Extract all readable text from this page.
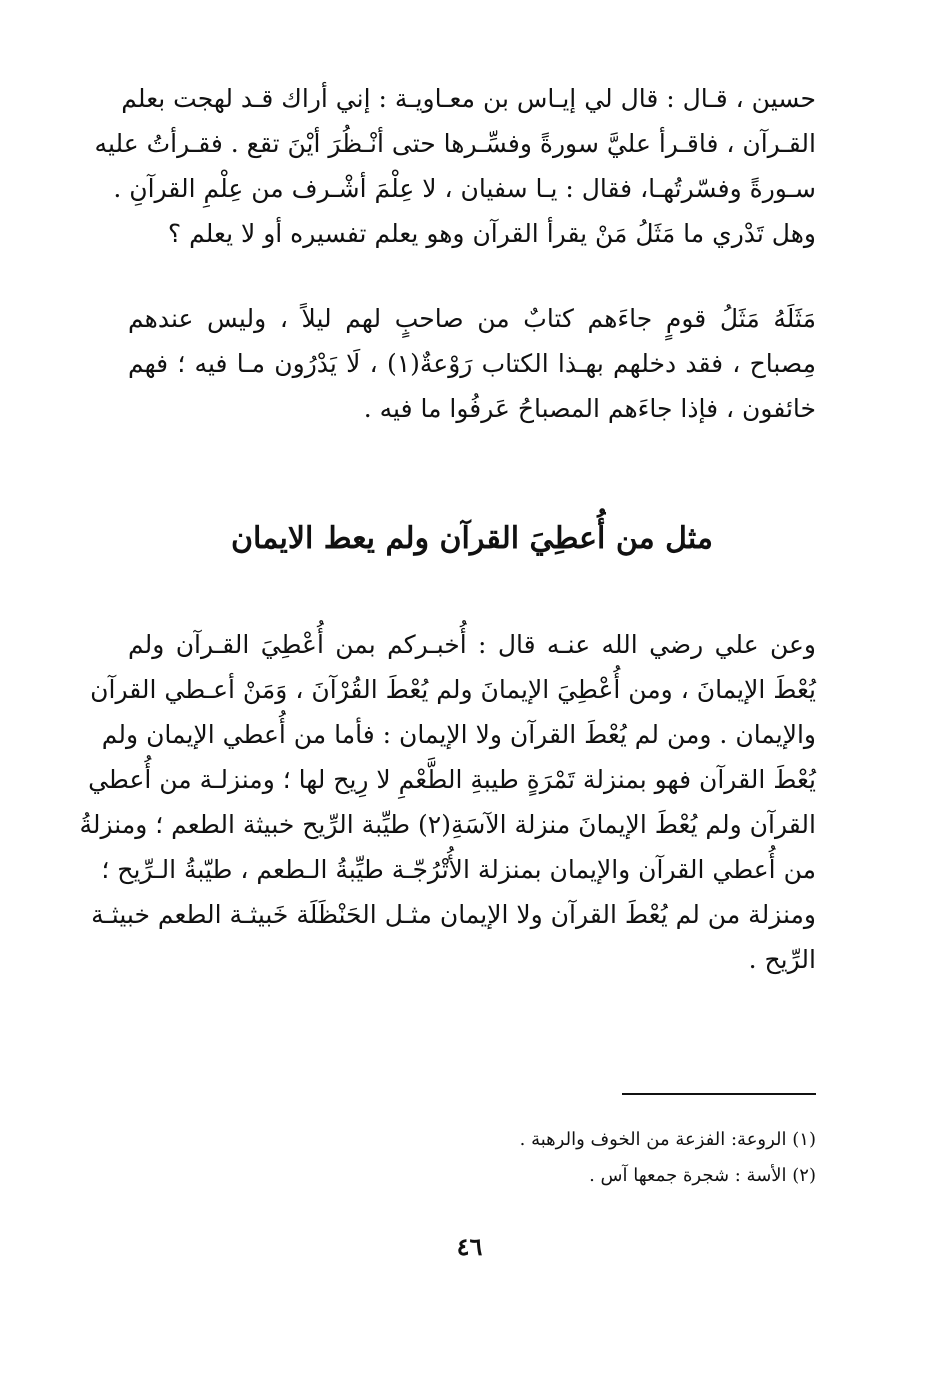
حسين ، قـال : قال لي إيـاس بن معـاويـة : إني أراك قـد لهجت بعلم
القـرآن ، فاقـرأ عليَّ سورةً وفسِّـرها حتى أنْـظُرَ أيْنَ تقع . فقـرأتُ عليه
سـورةً وفسّرتُهـا، فقال : يـا سفيان ، لا عِلْمَ أشْـرف من عِلْمِ القرآنِ .
وهل تَدْري ما مَثَلُ مَنْ يقرأ القرآن وهو يعلم تفسيره أو لا يعلم ؟
مَثَلَهُ مَثَلُ قومٍ جاءَهم كتابٌ من صاحبٍ لهم ليلاً ، وليس عندهم
مِصباح ، فقد دخلهم بهـذا الكتاب رَوْعةٌ(١) ، لَا يَدْرُون مـا فيه ؛ فهم
خائفون ، فإذا جاءَهم المصباحُ عَرفُوا ما فيه .
مثل من أُعطِيَ القرآن ولم يعط الايمان
وعن علي رضي الله عنـه قال : أُخبـركم بمن أُعْطِيَ القـرآن ولم
يُعْطَ الإيمانَ ، ومن أُعْطِيَ الإيمانَ ولم يُعْطَ القُرْآنَ ، وَمَنْ أعـطي القرآن
والإيمان . ومن لم يُعْطَ القرآن ولا الإيمان : فأما من أُعطي الإيمان ولم
يُعْطَ القرآن فهو بمنزلة تَمْرَةٍ طيبةِ الطَّعْمِ لا رِيح لها ؛ ومنزلـة من أُعطي
القرآن ولم يُعْطَ الإيمانَ منزلة الآسَةِ(٢) طيِّبة الرِّيح خبيثة الطعم ؛ ومنزلةُ
من أُعطي القرآن والإيمان بمنزلة الأُتْرُجّـة طيِّبةُ الـطعم ، طيّبةُ الـرِّيح ؛
ومنزلة من لم يُعْطَ القرآن ولا الإيمان مثـل الحَنْظَلَة خَبيثـة الطعم خبيثـة
الرِّيح .
(١) الروعة: الفزعة من الخوف والرهبة .
(٢) الأسة : شجرة جمعها آس .
٤٦
